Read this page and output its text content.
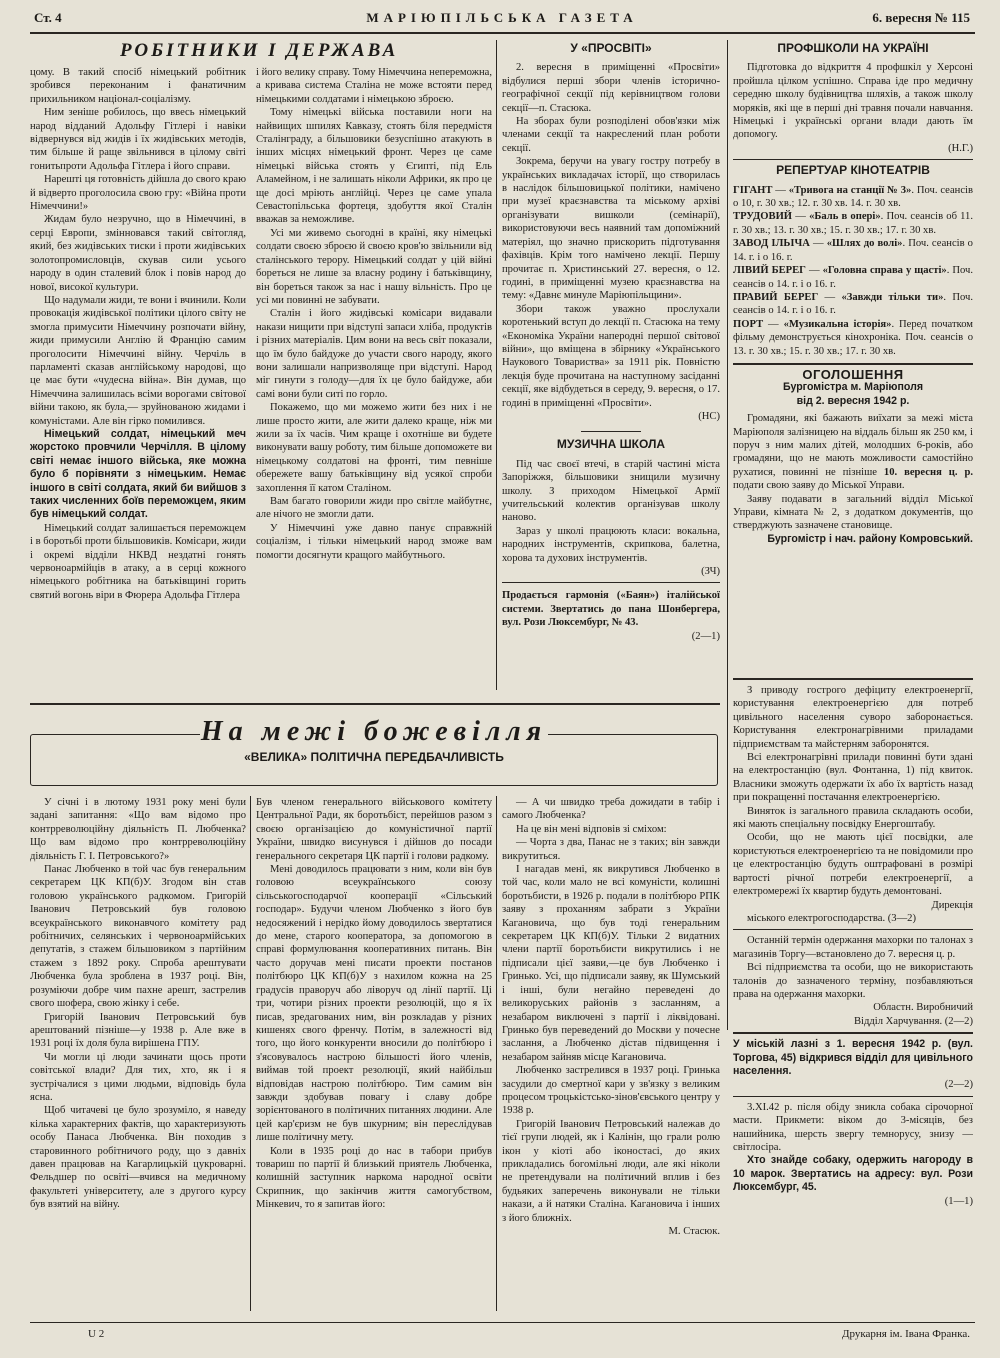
Ст. 4	МАРІЮПІЛЬСЬКА ГАЗЕТА	6. вересня № 115
РОБІТНИКИ І ДЕРЖАВА

цому. В такий спосіб німецький робітник зробився переконаним і фанатичним прихильником націонал-соціалізму.

Ним зеніше робилось, що ввесь німецький народ відданий Адольфу Гітлері і навіки відвернувся від жидів і їх жидівських методів, тим більше й раще звільнився в цілому світі гонитьпроти Адольфа Гітлера і його справи.

Нарешті ця готовність дійшла до свого краю й відверто проголосила свою гру: «Війна проти Німеччини!»

Жидам було незручно, що в Німеччині, в серці Европи, змінновався такий світогляд, який, без жидівських тиски і проти жидівських золотопромисловців, скував сили усього народу в один сталевий блок і повів народ до нової, високої культури.

Що надумали жиди, те вони і вчинили. Коли провокація жидівської політики цілого світу не змогла примусити Німеччину розпочати війну, жиди примусили Англію й Францію самим проголосити Німеччині війну. Черчіль в парламенті сказав англійському народові, що це має бути «чудесна війна». Він думав, що Німеччина залишилась всіми ворогами світової війни такою, як була,— зруйнованою жидами і комуністами. Але він гірко помилився.

Німецький солдат, німецький меч жорстоко провчили Черчілля. В цілому світі немає іншого війська, яке можна було б порівняти з німецьким. Немає іншого в світі солдата, який би вийшов з таких численних боїв переможцем, яким був німецький солдат.

Німецький солдат залишається переможцем і в боротьбі проти більшовиків. Комісари, жиди і окремі відділи НКВД нездатні гонять червоноармійців в атаку, а в серці кожного німецького робітника на батьківщині горить святий вогонь віри в Фюрера Адольфа Гітлера

і його велику справу. Тому Німеччина непереможна, а кривава система Сталіна не може встояти перед німецькими солдатами і німецькою зброєю.

Тому німецькі війська поставили ноги на найвищих шпилях Кавказу, стоять біля передмістя Сталінграду, а більшовики безуспішно атакують в інших місцях німецький фронт. Через це саме німецькі війська стоять у Єгипті, під Ель Аламейном, і не залишать ніколи Африки, як про це ще досі мріють англійці. Через це саме упала Севастопільська фортеця, здобуття якої Сталін вважав за неможливе.

Усі ми живемо сьогодні в країні, яку німецькі солдати своєю зброєю й своєю кров'ю звільнили від сталінського терору. Німецький солдат у цій війні бореться не лише за власну родину і батьківщину, він бореться також за нас і нашу вільність. Про це усі ми повинні не забувати.

Сталін і його жидівські комісари видавали накази нищити при відступі запаси хліба, продуктів і різних матеріалів. Цим вони на весь світ показали, що їм було байдуже до участи свого народу, якого вони залишали напризволяще при відступі. Народ міг гинути з голоду—для їх це було байдуже, аби самі вони були ситі по горло.

Покажемо, що ми можемо жити без них і не лише просто жити, але жити далеко краще, ніж ми жили за їх часів. Чим краще і охотніше ви будете виконувати вашу роботу, тим більше допоможете ви німецькому солдатові на фронті, тим певніше обережете вашу батьківщину від усякої спроби захоплення її катом Сталіном.

Вам багато говорили жиди про світле майбутнє, але нічого не змогли дати.

У Німеччині уже давно панує справжній соціалізм, і тільки німецький народ зможе вам помогти досягнути кращого майбутнього.

У «ПРОСВІТІ»

2. вересня в приміщенні «Просвіти» відбулися перші збори членів історично-географічної секції під керівництвом голови секції—п. Стасюка.

На зборах були розподілені обов'язки між членами секції та накреслений план роботи секції.

Зокрема, беручи на увагу гостру потребу в українських викладачах історії, що створилась в наслідок більшовицької політики, намічено при музеї краєзнавства та міському архіві організувати вишколи (семінарії), використовуючи весь наявний там допоміжний матеріял, що значно прискорить підготування фахівців. Крім того намічено лекції. Першу прочитає п. Христинський 27. вересня, о 12. годині, в приміщенні музею краєзнавства на тему: «Давнє минуле Маріюпільщини».

Збори також уважно прослухали коротенький вступ до лекції п. Стасюка на тему «Економіка України наперодні першої світової війни», що вміщена в збірнику «Українського Наукового Товариства» за 1911 рік. Повністю лекція буде прочитана на наступному засіданні секції, яке відбудеться в середу, 9. вересня, о 17. годині в приміщенні «Просвіти».

(НС)

МУЗИЧНА ШКОЛА

Під час своєї втечі, в старій частині міста Запоріжжя, більшовики знищили музичну школу. З приходом Німецької Армії учительський колектив організував школу наново.

Зараз у школі працюють класи: вокальна, народних інструментів, скрипкова, балетна, хорова та духових інструментів.

(ЗЧ)

Продається гармонія («Баян») італійської системи. Звертатись до пана Шонбергера, вул. Рози Люксембург, № 43.

(2—1)

ПРОФШКОЛИ НА УКРАЇНІ

Підготовка до відкриття 4 профшкіл у Херсоні пройшла цілком успішно. Справа іде про медичну середню школу будівництва шляхів, а також школу моряків, які ще в перші дні травня почали навчання. Німецькі і українські органи влади дають їм допомогу.

(Н.Г.)

РЕПЕРТУАР КІНОТЕАТРІВ

ГІГАНТ — «Тривога на станції № 3». Поч. сеансів о 10, г. 30 хв.; 12. г. 30 хв. 14. г. 30 хв.

ТРУДОВИЙ — «Баль в опері». Поч. сеансів об 11. г. 30 хв.; 13. г. 30 хв.; 15. г. 30 хв.; 17. г. 30 хв.

ЗАВОД ІЛЬІЧА — «Шлях до волі». Поч. сеансів о 14. г. і о 16. г.

ЛІВИЙ БЕРЕГ — «Головна справа у щасті». Поч. сеансів о 14. г. і о 16. г.

ПРАВИЙ БЕРЕГ — «Завжди тільки ти». Поч. сеансів о 14. г. і о 16. г.

ПОРТ — «Музикальна історія». Перед початком фільму демонструється кінохроніка. Поч. сеансів о 13. г. 30 хв.; 15. г. 30 хв.; 17. г. 30 хв.

ОГОЛОШЕННЯ

Бургомістра м. Маріюполя

від 2. вересня 1942 р.

Громадяни, які бажають виїхати за межі міста Маріюполя залізницею на віддаль більш як 250 км, і поруч з ним малих дітей, молодших 6-років, або громадяни, що не мають можливости самостійно рухатися, повинні не пізніше 10. вересня ц. р. подати свою заяву до Міської Управи.

Заяву подавати в загальний відділ Міської Управи, кімната № 2, з додатком документів, що стверджують зазначене становище.

Бургомістр і нач. району Комровський.

З приводу гострого дефіциту електроенергії, користування електроенергією для потреб цивільного населення суворо заборонається. Користування електронагрівними приладами підприємствам та майстерням заборонятся.

Всі електронагрівні прилади повинні бути здані на електростанцію (вул. Фонтанна, 1) під квиток. Власники зможуть одержати їх або їх вартість назад при покращенні постачання електроенергією.

Виняток із загального правила складають особи, які мають спеціальну посвідку Енергоштабу.

Особи, що не мають цієї посвідки, але користуються електроенергією та не повідомили про це електростанцію будуть оштрафовані в розмірі вартості річної потреби електроенергії, а електромережі їх квартир будуть демонтовані.

Дирекція

міського електрогосподарства. (3—2)

Останній термін одержання махорки по талонах з магазинів Торгу—встановлено до 7. вересня ц. р.

Всі підприємства та особи, що не використають талонів до зазначеного терміну, позбавляються права на одержання махорки.

Областн. Виробничий

Відділ Харчування. (2—2)

У міській лазні з 1. вересня 1942 р. (вул. Торгова, 45) відкрився відділ для цивільного населення.

(2—2)

3.XI.42 р. після обіду зникла собака сірочорної масти. Прикмети: віком до 3-місяців, без нашийника, шерсть звергу темнорусу, знизу — світлосіра.

Хто знайде собаку, одержить нагороду в 10 марок. Звертатись на адресу: вул. Рози Люксембург, 45.

(1—1)

На межі божевілля
«ВЕЛИКА» ПОЛІТИЧНА ПЕРЕДБАЧЛИВІСТЬ

У січні і в лютому 1931 року мені були задані запитання: «Що вам відомо про контрреволюційну діяльність П. Любченка? Що вам відомо про контрреволюційну діяльність Г. І. Петровського?»

Панас Любченко в той час був генеральним секретарем ЦК КП(б)У. Згодом він став головою українського радкомом. Григорій Іванович Петровський був головою всеукраїнського виконавчого комітету рад робітничих, селянських і червоноармійських депутатів, з стажем більшовиком з партійним стажем з 1892 року. Спроба арештувати Любченка була зроблена в 1937 році. Він, розуміючи добре чим пахне арешт, застрелив свого шофера, свою жінку і себе.

Григорій Іванович Петровський був арештований пізніше—у 1938 р. Але вже в 1931 році їх доля була вирішена ГПУ.

Чи могли ці люди зачинати щось проти совітської влади? Для тих, хто, як і я зустрічалися з цими людьми, відповідь була ясна.

Щоб читачеві це було зрозуміло, я наведу кілька характерних фактів, що характеризують особу Панаса Любченка. Він походив з старовинного робітничого роду, що з давніх давен працював на Кагарлицькій цукроварні. Фельдшер по освіті—вчився на медичному факультеті університету, але з другого курсу був взятий на війну.

Був членом генерального військового комітету Центральної Ради, як боротьбіст, перейшов разом з своєю організацією до комуністичної партії України, швидко висунувся і дійшов до посади генерального секретаря ЦК партії і голови радкому.

Мені доводилось працювати з ним, коли він був головою всеукраїнського союзу сільськогосподарчої кооперації «Сільський господар». Будучи членом Любченко з його був недосяжений і нерідко йому доводилось звертатися до мене, старого кооператора, за допомогою в справі формулювання кооперативних питань. Він часто доручав мені писати проекти постанов політбюро ЦК КП(б)У з нахилом кожна на 25 градусів праворуч або ліворуч од лінії партії. Ці три, чотири різних проекти резолюцій, що я їх писав, зредагованих ним, він розкладав у різних кишенях свого френчу. Потім, в залежності від того, що його конкуренти вносили до політбюро і з'ясовувалось настрою більшості його членів, виймав той проект резолюції, який найбільш відповідав настрою політбюро. Тим самим він завжди здобував повагу і славу добре зорієнтованого в політичних питаннях людини. Але цей кар'єризм не був шкурним; він переслідував лише політичну мету.

Коли в 1935 році до нас в табори прибув товариш по партії й близький приятель Любченка, колишній заступник наркома народної освіти Скрипник, що закінчив життя самогубством, Мінкевич, то я запитав його:

— А чи швидко треба дожидати в табір і самого Любченка?

На це він мені відповів зі сміхом:

— Чорта з два, Панас не з таких; він завжди викрутиться.

І нагадав мені, як викрутився Любченко в той час, коли мало не всі комуністи, колишні боротьбисти, в 1926 р. подали в політбюро РПК заяву з проханням забрати з України Кагановича, що був тоді генеральним секретарем ЦК КП(б)У. Тільки 2 видатних члени партії боротьбисти викрутились і не підписали цієї заяви,—це був Любченко і Гринько. Усі, що підписали заяву, як Шумський і інші, були негайно переведені до великоруських районів з засланням, а незабаром виключені з партії і ліквідовані. Гринько був переведений до Москви у почесне заслання, а Любченко дістав підвищення і незабаром зайняв місце Кагановича.

Любченко застрелився в 1937 році. Гринька засудили до смертної кари у зв'язку з великим процесом троцькістсько-зінов'євського центру у 1938 р.

Григорій Іванович Петровський належав до тієї групи людей, як і Калінін, що грали ролю ікон у кіоті або іконостасі, до яких прикладались богомільні люди, але які ніколи не претендували на політичний вплив і без будьяких заперечень виконували не тільки накази, а й натяки Сталіна. Кагановича і інших з його ближніх.

М. Стасюк.

U 2	Друкарня ім. Івана Франка.
